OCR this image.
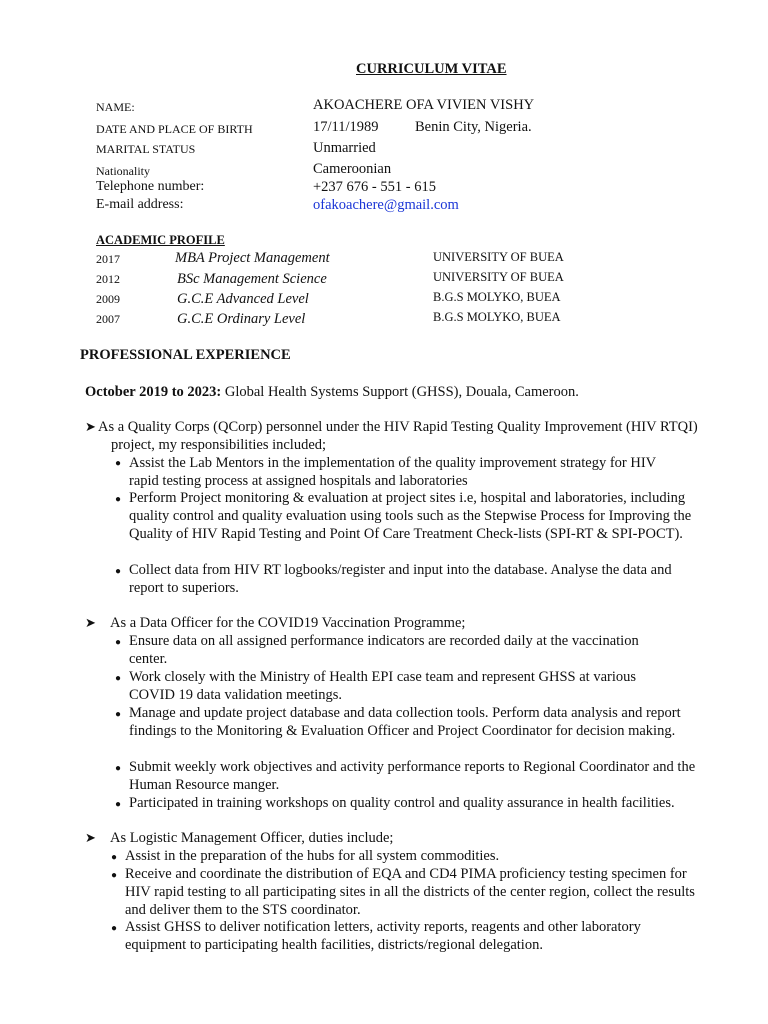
CURRICULUM VITAE
NAME:	AKOACHERE OFA VIVIEN VISHY
DATE AND PLACE OF BIRTH	17/11/1989	Benin City, Nigeria.
MARITAL STATUS	Unmarried
Nationality	Cameroonian
Telephone number:	+237 676 - 551 - 615
E-mail address:	ofakoachere@gmail.com
ACADEMIC PROFILE
2017	MBA Project Management	UNIVERSITY OF BUEA
2012	BSc Management Science	UNIVERSITY OF BUEA
2009	G.C.E Advanced Level	B.G.S MOLYKO, BUEA
2007	G.C.E Ordinary Level	B.G.S MOLYKO, BUEA
PROFESSIONAL EXPERIENCE
October 2019 to 2023: Global Health Systems Support (GHSS), Douala, Cameroon.
➤ As a Quality Corps (QCorp) personnel under the HIV Rapid Testing Quality Improvement (HIV RTQI) project, my responsibilities included;
● Assist the Lab Mentors in the implementation of the quality improvement strategy for HIV rapid testing process at assigned hospitals and laboratories
● Perform Project monitoring & evaluation at project sites i.e, hospital and laboratories, including quality control and quality evaluation using tools such as the Stepwise Process for Improving the Quality of HIV Rapid Testing and Point Of Care Treatment Check-lists (SPI-RT & SPI-POCT).
● Collect data from HIV RT logbooks/register and input into the database. Analyse the data and report to superiors.
➤ As a Data Officer for the COVID19 Vaccination Programme;
● Ensure data on all assigned performance indicators are recorded daily at the vaccination center.
● Work closely with the Ministry of Health EPI case team and represent GHSS at various COVID 19 data validation meetings.
● Manage and update project database and data collection tools. Perform data analysis and report findings to the Monitoring & Evaluation Officer and Project Coordinator for decision making.
● Submit weekly work objectives and activity performance reports to Regional Coordinator and the Human Resource manger.
● Participated in training workshops on quality control and quality assurance in health facilities.
➤ As Logistic Management Officer, duties include;
● Assist in the preparation of the hubs for all system commodities.
● Receive and coordinate the distribution of EQA and CD4 PIMA proficiency testing specimen for HIV rapid testing to all participating sites in all the districts of the center region, collect the results and deliver them to the STS coordinator.
● Assist GHSS to deliver notification letters, activity reports, reagents and other laboratory equipment to participating health facilities, districts/regional delegation.
